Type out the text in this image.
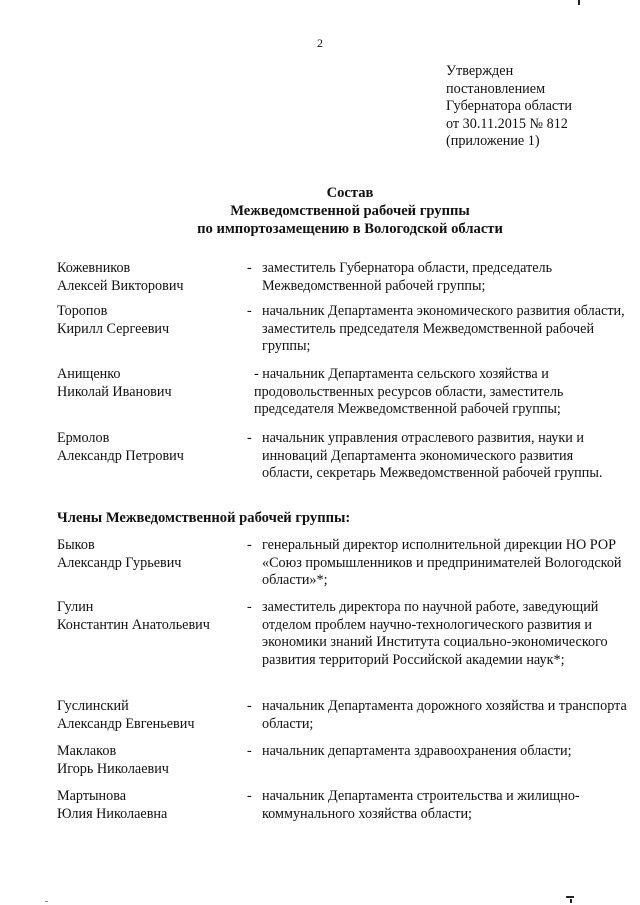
2
Утвержден
постановлением
Губернатора области
от 30.11.2015 № 812
(приложение 1)
Состав
Межведомственной рабочей группы
по импортозамещению в Вологодской области
Кожевников
Алексей Викторович
- заместитель Губернатора области, председатель Межведомственной рабочей группы;
Торопов
Кирилл Сергеевич
- начальник Департамента экономического развития области, заместитель председателя Межведомственной рабочей группы;
Анищенко
Николай Иванович
- начальник Департамента сельского хозяйства и продовольственных ресурсов области, заместитель председателя Межведомственной рабочей группы;
Ермолов
Александр Петрович
- начальник управления отраслевого развития, науки и инноваций Департамента экономического развития области, секретарь Межведомственной рабочей группы.
Члены Межведомственной рабочей группы:
Быков
Александр Гурьевич
- генеральный директор исполнительной дирекции НО РОР «Союз промышленников и предпринимателей Вологодской области»*;
Гулин
Константин Анатольевич
- заместитель директора по научной работе, заведующий отделом проблем научно-технологического развития и экономики знаний Института социально-экономического развития территорий Российской академии наук*;
Гуслинский
Александр Евгеньевич
- начальник Департамента дорожного хозяйства и транспорта области;
Маклаков
Игорь Николаевич
- начальник департамента здравоохранения области;
Мартынова
Юлия Николаевна
- начальник Департамента строительства и жилищно-коммунального хозяйства области;
